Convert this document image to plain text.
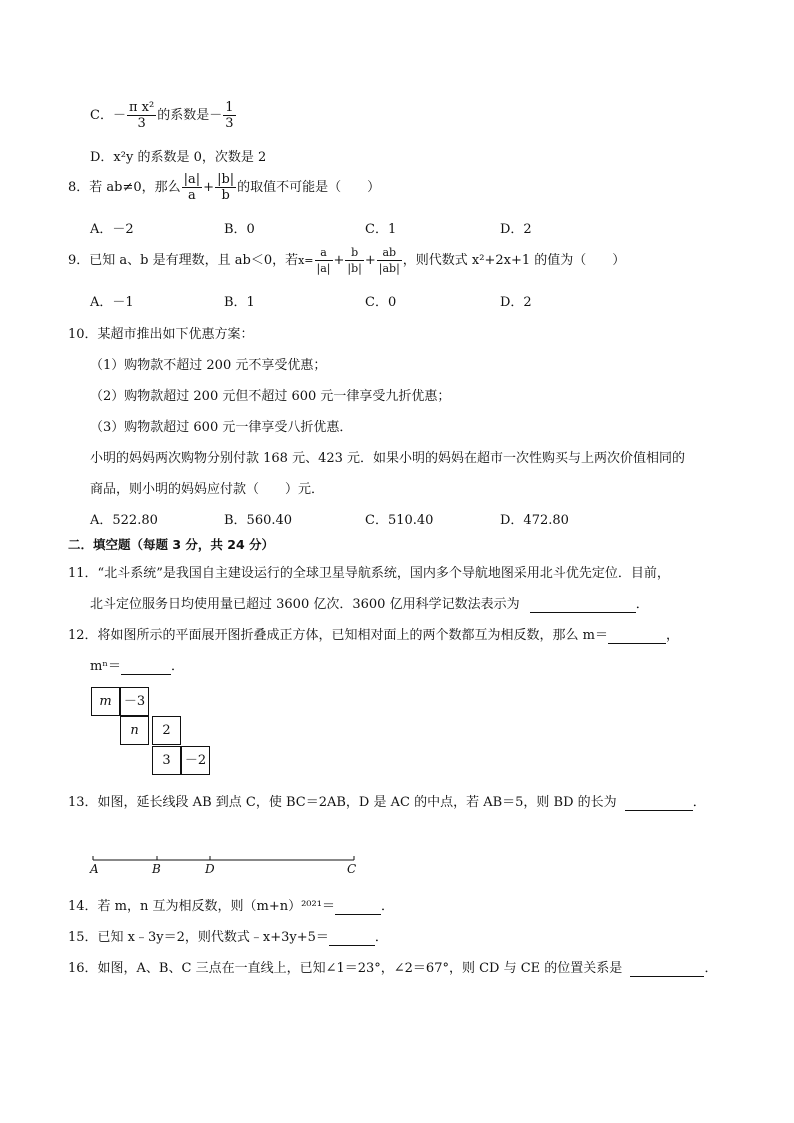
C．－ $\frac{\text{π x²}}{3}$ 的系数是－ $\frac{1}{3}$
D．x²y 的系数是 0，次数是 2
8．若 ab≠0，那么 $\frac{|a|}{a} + \frac{|b|}{b}$ 的取值不可能是（　　）
A．－2	B．0	C．1	D．2
9．已知 a、b 是有理数，且 ab＜0，若$x= \frac{a}{|a|} + \frac{b}{|b|} + \frac{ab}{|ab|}$ ，则代数式 x²+2x+1 的值为（　　）
A．－1	B．1	C．0	D．2
10．某超市推出如下优惠方案：
（1）购物款不超过 200 元不享受优惠；
（2）购物款超过 200 元但不超过 600 元一律享受九折优惠；
（3）购物款超过 600 元一律享受八折优惠．
小明的妈妈两次购物分别付款 168 元、423 元．如果小明的妈妈在超市一次性购买与上两次价值相同的
商品，则小明的妈妈应付款（　　）元．
A．522.80	B．560.40	C．510.40	D．472.80
二．填空题（每题 3 分，共 24 分）
11．“北斗系统”是我国自主建设运行的全球卫星导航系统，国内多个导航地图采用北斗优先定位．目前，
北斗定位服务日均使用量已超过 3600 亿次．3600 亿用科学记数法表示为	．
12．将如图所示的平面展开图折叠成正方体，已知相对面上的两个数都互为相反数，那么 m＝	，
mⁿ＝	．
m －3
n	2
3	－2
13．如图，延长线段 AB 到点 C，使 BC＝2AB，D 是 AC 的中点，若 AB＝5，则 BD 的长为	．
A	B	D	C
14．若 m，n 互为相反数，则（m+n）²⁰²¹＝	．
15．已知 x﹣3y＝2，则代数式﹣x+3y+5＝	．
16．如图，A、B、C 三点在一直线上，已知∠1＝23°，∠2＝67°，则 CD 与 CE 的位置关系是	．
